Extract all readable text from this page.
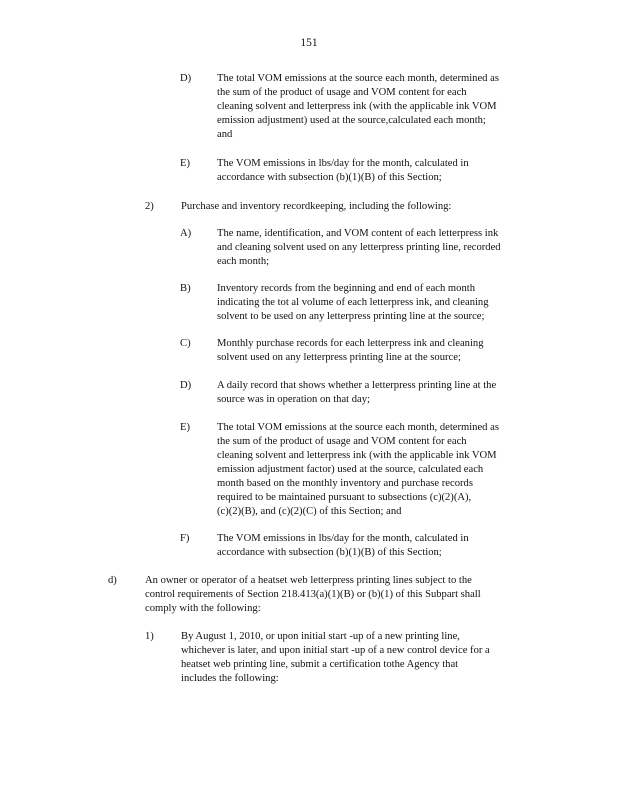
151
D) The total VOM emissions at the source each month, determined as
the sum of the product of usage and VOM content for each
cleaning solvent and letterpress ink (with the applicable ink VOM
emission adjustment) used at the source,calculated each month;
and
E)	The VOM emissions in lbs/day for the month, calculated in
accordance with subsection (b)(1)(B) of this Section;
2)	Purchase and inventory recordkeeping, including the following:
A) The name, identification, and VOM content of each letterpress ink
and cleaning solvent used on any letterpress printing line, recorded
each month;
B) Inventory records from the beginning and end of each month
indicating the tot al volume of each letterpress ink, and cleaning
solvent to be used on any letterpress printing line at the source;
C) Monthly purchase records for each letterpress ink and cleaning
solvent used on any letterpress printing line at the source;
D) A daily record that shows whether a letterpress printing line at the
source was in operation on that day;
E)	The total VOM emissions at the source each month, determined as
the sum of the product of usage and VOM content for each
cleaning solvent and letterpress ink (with the applicable ink VOM
emission adjustment factor) used at the source, calculated each
month based on the monthly inventory and purchase records
required to be maintained pursuant to subsections (c)(2)(A),
(c)(2)(B), and (c)(2)(C) of this Section; and
F)	The VOM emissions in lbs/day for the month, calculated in
accordance with subsection (b)(1)(B) of this Section;
d)	An owner or operator of a heatset web letterpress printing lines subject to the
control requirements of Section 218.413(a)(1)(B) or (b)(1) of this Subpart shall
comply with the following:
1)	By August 1, 2010, or upon initial start -up of a new printing line,
whichever is later, and upon initial start -up of a new control device for a
heatset web printing line, submit a certification tothe Agency that
includes the following:
